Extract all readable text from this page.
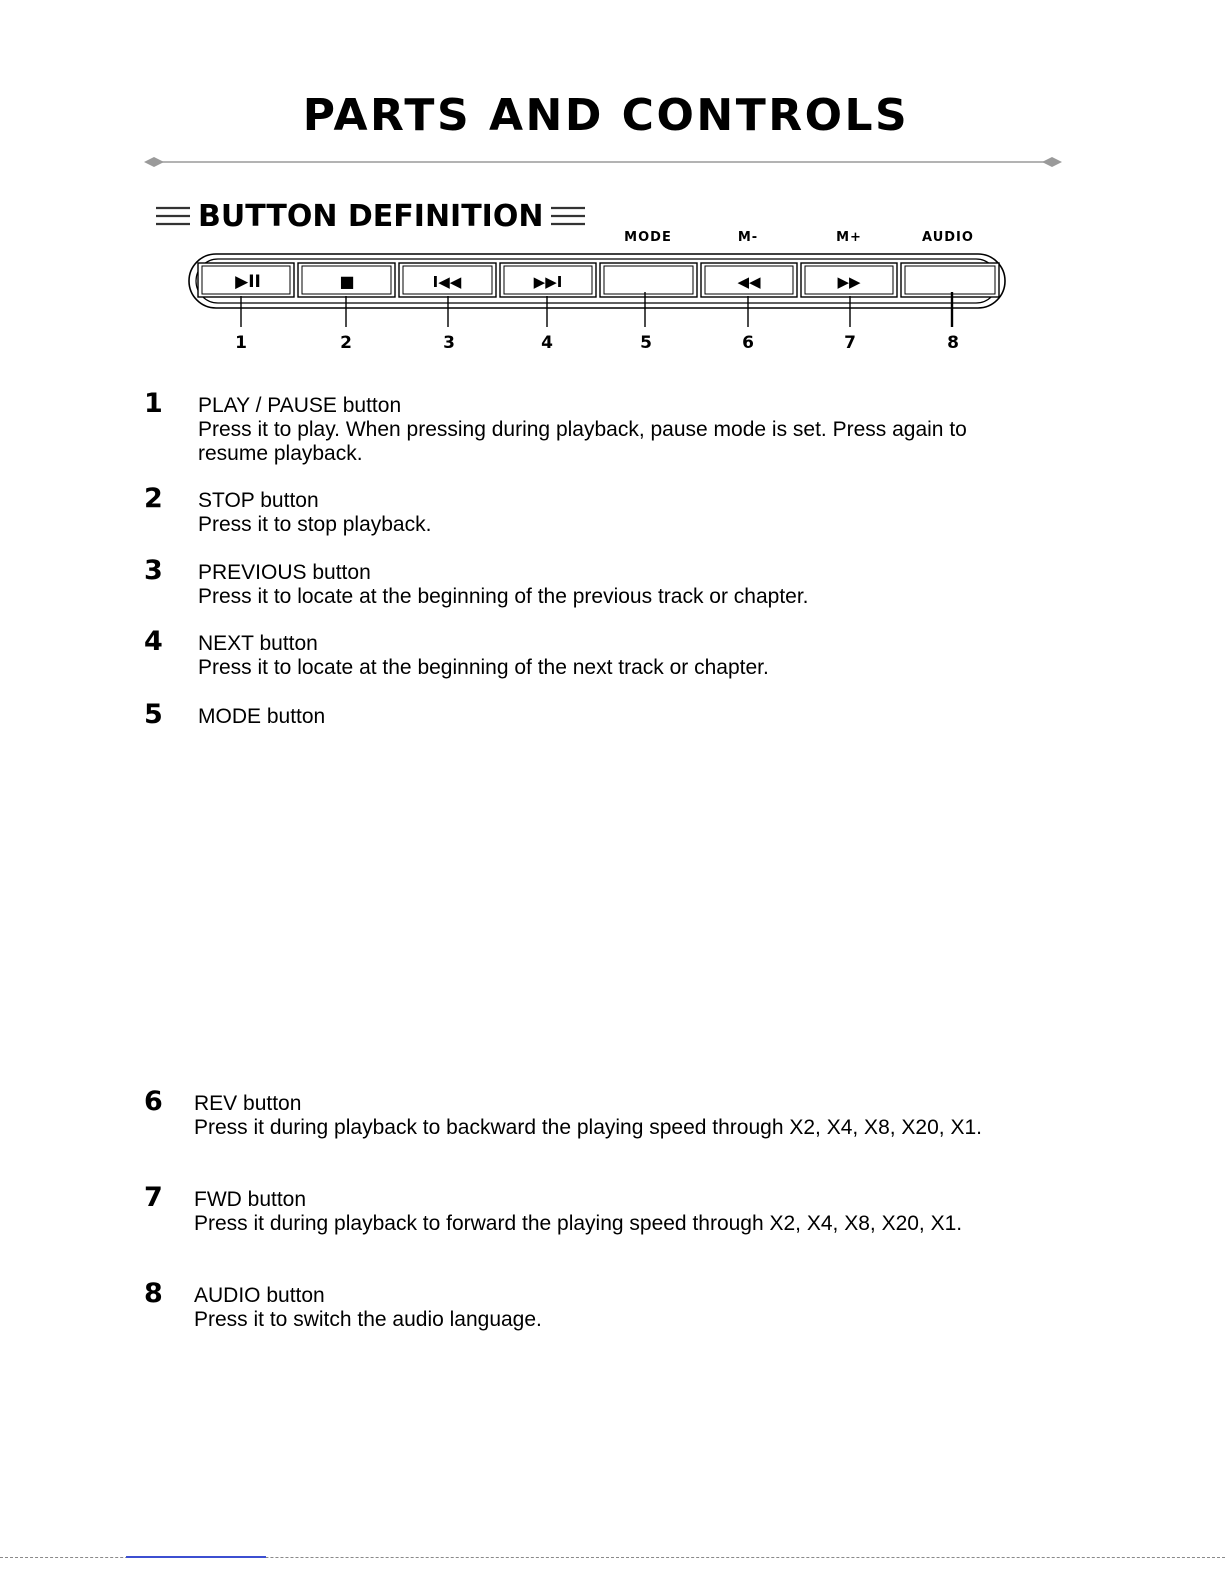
PARTS AND CONTROLS
BUTTON DEFINITION
MODE	M-	M+	AUDIO
▶II	■	I◀◀	▶▶I	◀◀	▶▶
1	2	3	4	5	6	7	8
1 PLAY / PAUSE button
Press it to play. When pressing during playback, pause mode is set. Press again to resume playback.
2 STOP button
Press it to stop playback.
3 PREVIOUS button
Press it to locate at the beginning of the previous track or chapter.
4 NEXT button
Press it to locate at the beginning of the next track or chapter.
5 MODE button
6 REV button
Press it during playback to backward the playing speed through X2, X4, X8, X20, X1.
7 FWD button
Press it during playback to forward the playing speed through X2, X4, X8, X20, X1.
8 AUDIO button
Press it to switch the audio language.
